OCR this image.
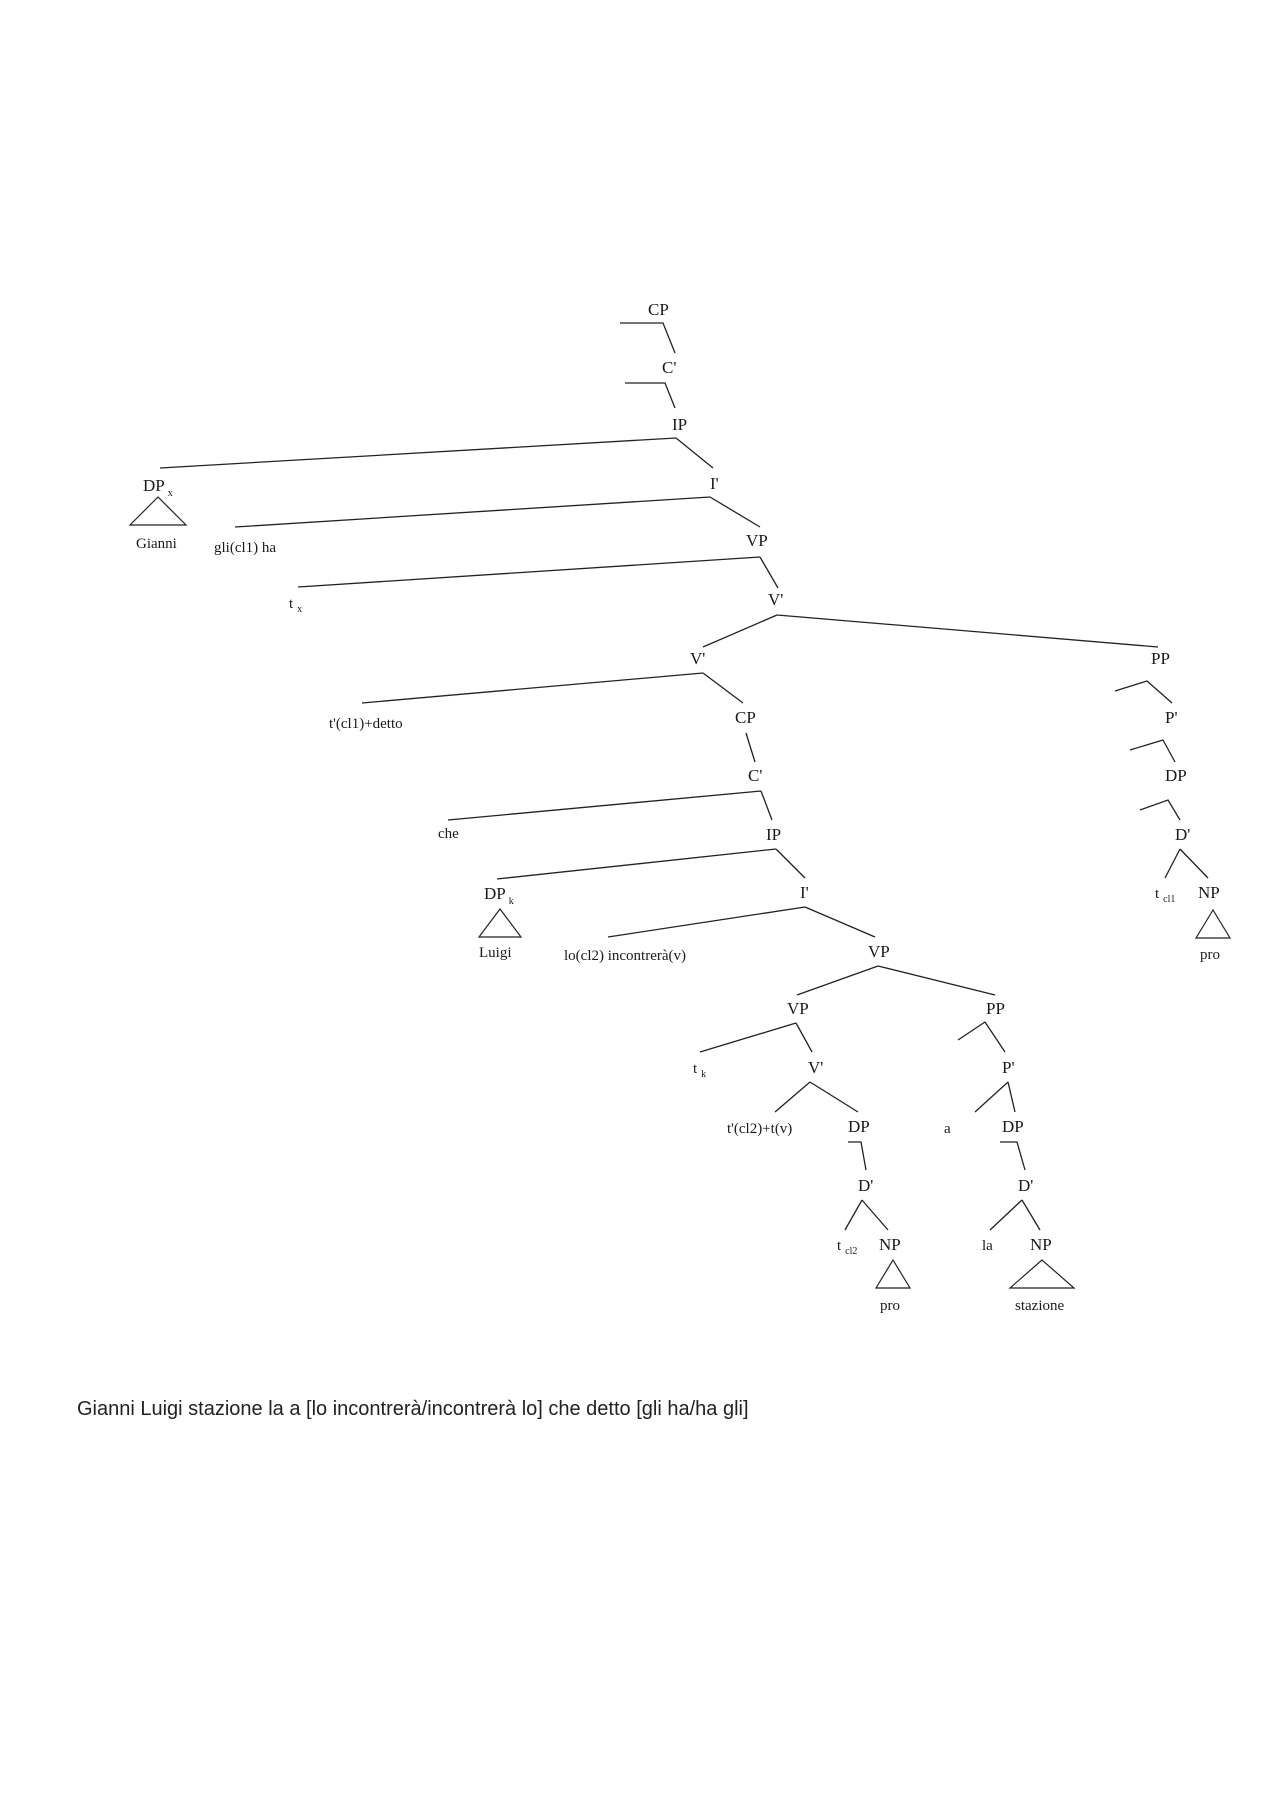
CP
C'
IP
DP $_x$
Gianni
I'
gli(cl1) ha	VP
t $_x$
V'
V'
t'(cl1)+detto	CP
C'
che	IP
DP $_k$
Luigi
I'
lo(cl2) incontrerà(v)	VP
VP
t $_k$	V'
t'(cl2)+t(v)	DP
D'
t $_{cl2}$ NP
pro
PP
P'
a	DP
D'
la NP
stazione
PP
P'
DP
D'
t $_{cl1}$ NP
pro

Gianni Luigi stazione la a [lo incontrerà/incontrerà lo] che detto [gli ha/ha gli]
